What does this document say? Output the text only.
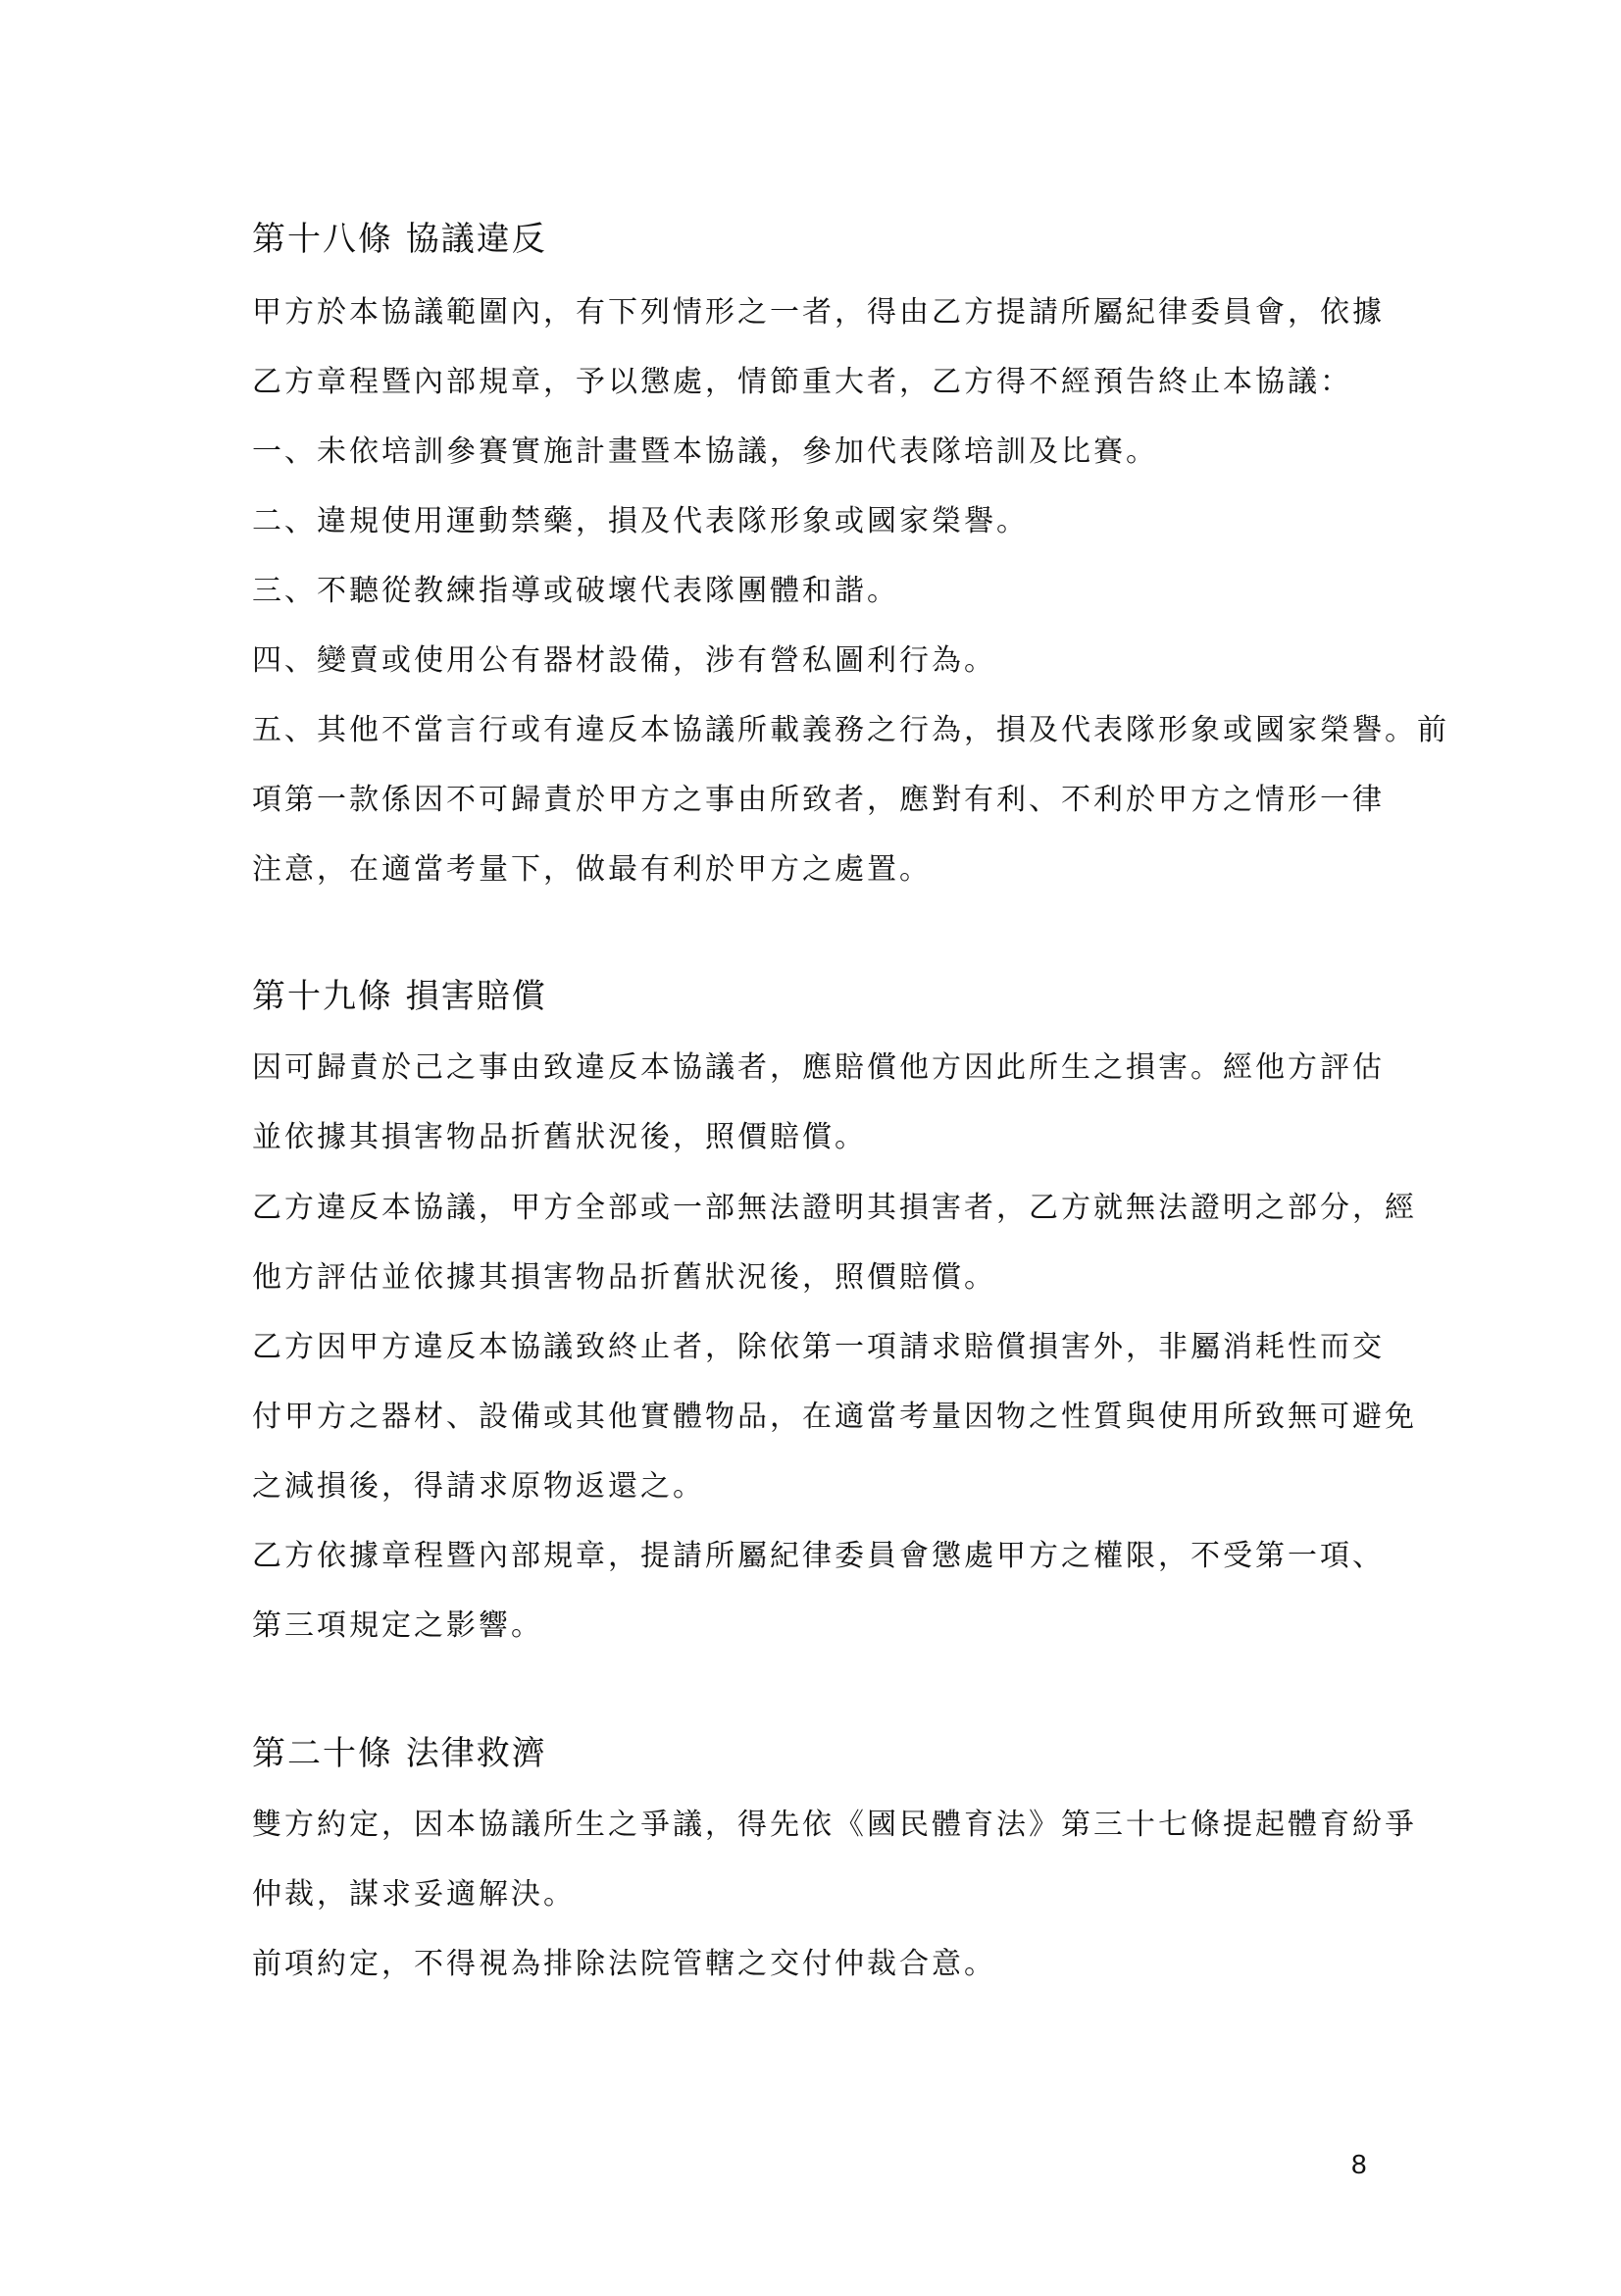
第十八條 協議違反
甲方於本協議範圍內，有下列情形之一者，得由乙方提請所屬紀律委員會，依據
乙方章程暨內部規章，予以懲處，情節重大者，乙方得不經預告終止本協議：
一、未依培訓參賽實施計畫暨本協議，參加代表隊培訓及比賽。
二、違規使用運動禁藥，損及代表隊形象或國家榮譽。
三、不聽從教練指導或破壞代表隊團體和諧。
四、變賣或使用公有器材設備，涉有營私圖利行為。
五、其他不當言行或有違反本協議所載義務之行為，損及代表隊形象或國家榮譽。前
項第一款係因不可歸責於甲方之事由所致者，應對有利、不利於甲方之情形一律
注意，在適當考量下，做最有利於甲方之處置。
第十九條 損害賠償
因可歸責於己之事由致違反本協議者，應賠償他方因此所生之損害。經他方評估
並依據其損害物品折舊狀況後，照價賠償。
乙方違反本協議，甲方全部或一部無法證明其損害者，乙方就無法證明之部分，經
他方評估並依據其損害物品折舊狀況後，照價賠償。
乙方因甲方違反本協議致終止者，除依第一項請求賠償損害外，非屬消耗性而交
付甲方之器材、設備或其他實體物品，在適當考量因物之性質與使用所致無可避免
之減損後，得請求原物返還之。
乙方依據章程暨內部規章，提請所屬紀律委員會懲處甲方之權限，不受第一項、
第三項規定之影響。
第二十條 法律救濟
雙方約定，因本協議所生之爭議，得先依《國民體育法》第三十七條提起體育紛爭
仲裁，謀求妥適解決。
前項約定，不得視為排除法院管轄之交付仲裁合意。
8
